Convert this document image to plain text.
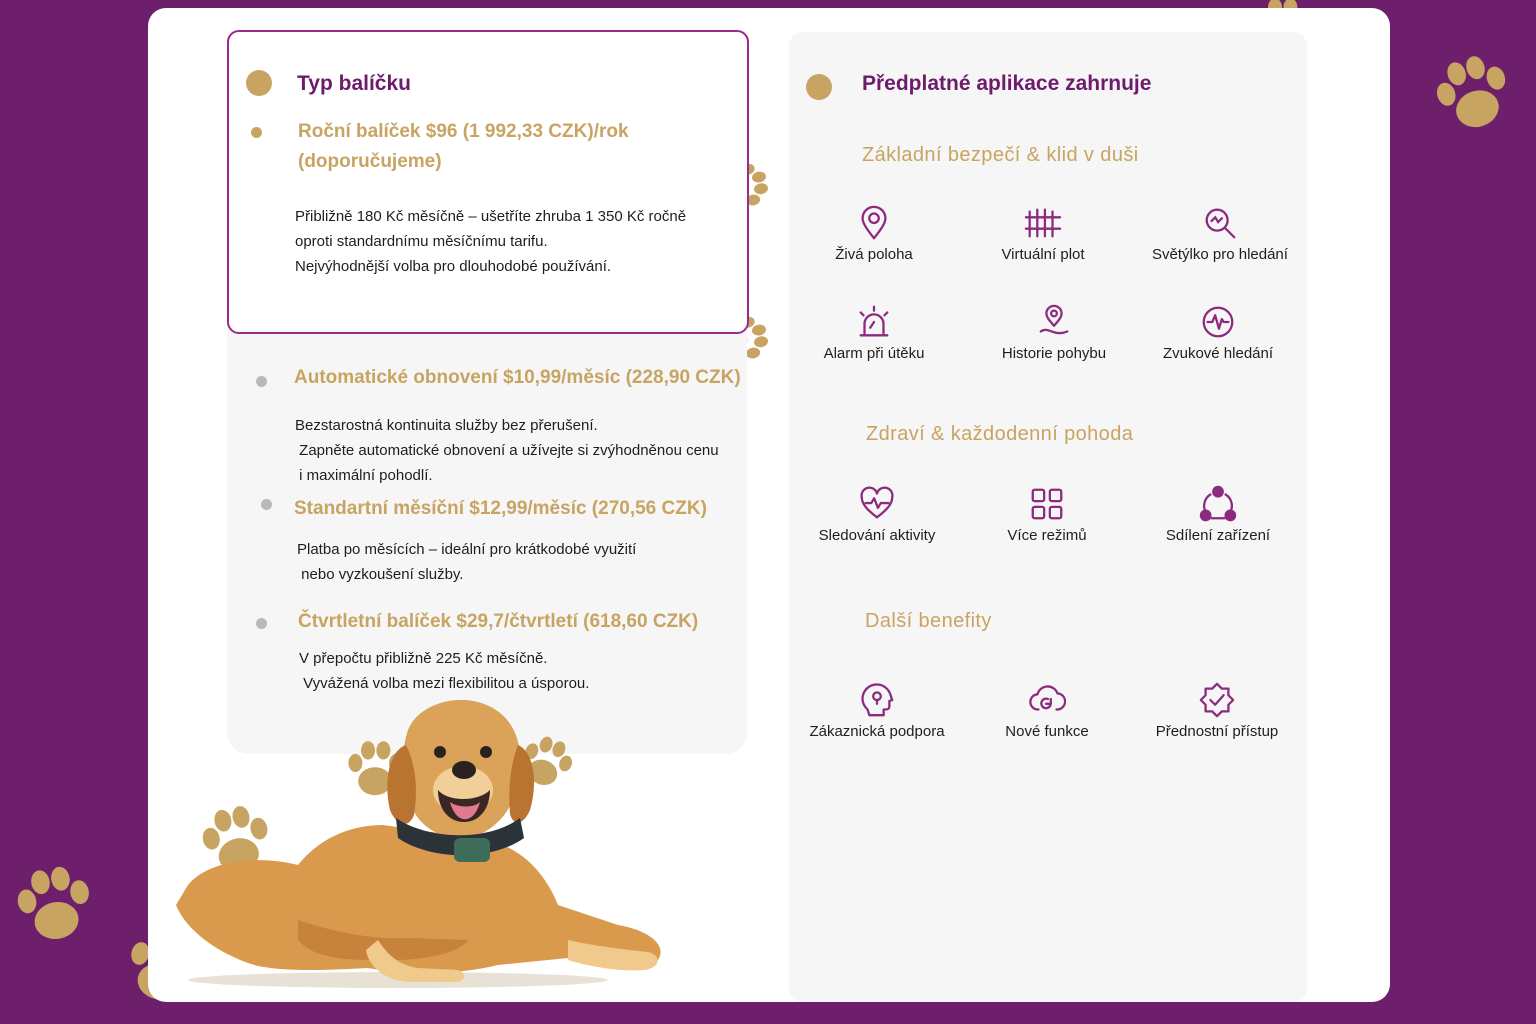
Typ balíčku
Roční balíček $96 (1 992,33 CZK)/rok (doporučujeme)
Přibližně 180 Kč měsíčně – ušetříte zhruba 1 350 Kč ročně
oproti standardnímu měsíčnímu tarifu.
Nejvýhodnější volba pro dlouhodobé používání.
Automatické obnovení $10,99/měsíc (228,90 CZK)
Bezstarostná kontinuita služby bez přerušení.
Zapněte automatické obnovení a užívejte si zvýhodněnou cenu
i maximální pohodlí.
Standartní měsíční $12,99/měsíc (270,56 CZK)
Platba po měsících – ideální pro krátkodobé využití
nebo vyzkoušení služby.
Čtvrtletní balíček $29,7/čtvrtletí (618,60 CZK)
V přepočtu přibližně 225 Kč měsíčně.
Vyvážená volba mezi flexibilitou a úsporou.
Předplatné aplikace zahrnuje
Základní bezpečí & klid v duši
Živá poloha	Virtuální plot	Světýlko pro hledání
Alarm při útěku	Historie pohybu	Zvukové hledání
Zdraví & každodenní pohoda
Sledování aktivity	Více režimů	Sdílení zařízení
Další benefity
Zákaznická podpora	Nové funkce	Přednostní přístup
